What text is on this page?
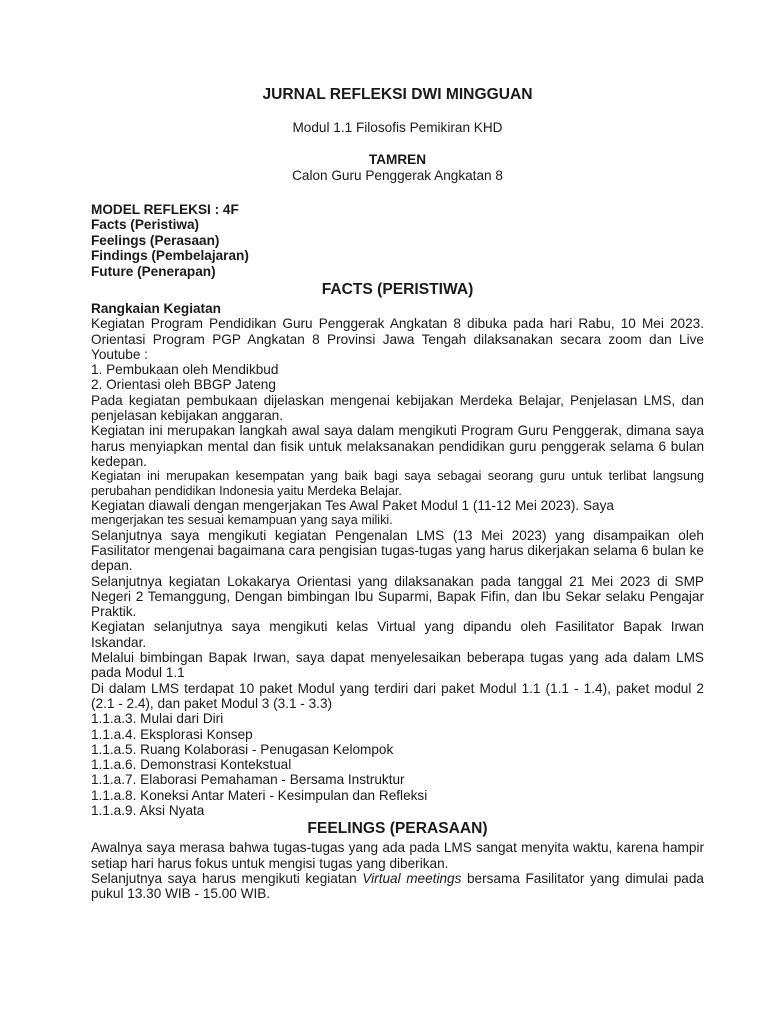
JURNAL REFLEKSI DWI MINGGUAN
Modul 1.1 Filosofis Pemikiran KHD
TAMREN
Calon Guru Penggerak Angkatan 8
MODEL REFLEKSI : 4F
Facts (Peristiwa)
Feelings (Perasaan)
Findings (Pembelajaran)
Future (Penerapan)
FACTS (PERISTIWA)
Rangkaian Kegiatan

Kegiatan Program Pendidikan Guru Penggerak Angkatan 8 dibuka pada hari Rabu, 10 Mei 2023. Orientasi Program PGP Angkatan 8 Provinsi Jawa Tengah dilaksanakan secara zoom dan Live Youtube :

1. Pembukaan oleh Mendikbud
2. Orientasi oleh BBGP Jateng

Pada kegiatan pembukaan dijelaskan mengenai kebijakan Merdeka Belajar, Penjelasan LMS, dan penjelasan kebijakan anggaran.

Kegiatan ini merupakan langkah awal saya dalam mengikuti Program Guru Penggerak, dimana saya harus menyiapkan mental dan fisik untuk melaksanakan pendidikan guru penggerak selama 6 bulan kedepan.

Kegiatan ini merupakan kesempatan yang baik bagi saya sebagai seorang guru untuk terlibat langsung perubahan pendidikan Indonesia yaitu Merdeka Belajar.

Kegiatan diawali dengan mengerjakan Tes Awal Paket Modul 1 (11-12 Mei 2023). Saya

mengerjakan tes sesuai kemampuan yang saya miliki.

Selanjutnya saya mengikuti kegiatan Pengenalan LMS (13 Mei 2023) yang disampaikan oleh Fasilitator mengenai bagaimana cara pengisian tugas-tugas yang harus dikerjakan selama 6 bulan ke depan.

Selanjutnya kegiatan Lokakarya Orientasi yang dilaksanakan pada tanggal 21 Mei 2023 di SMP Negeri 2 Temanggung, Dengan bimbingan Ibu Suparmi, Bapak Fifin, dan Ibu Sekar selaku Pengajar Praktik.

Kegiatan selanjutnya saya mengikuti kelas Virtual yang dipandu oleh Fasilitator Bapak Irwan Iskandar.

Melalui bimbingan Bapak Irwan, saya dapat menyelesaikan beberapa tugas yang ada dalam LMS pada Modul 1.1

Di dalam LMS terdapat 10 paket Modul yang terdiri dari paket Modul 1.1 (1.1 - 1.4), paket modul 2 (2.1 - 2.4), dan paket Modul 3 (3.1 - 3.3)

1.1.a.3. Mulai dari Diri
1.1.a.4. Eksplorasi Konsep
1.1.a.5. Ruang Kolaborasi - Penugasan Kelompok
1.1.a.6. Demonstrasi Kontekstual
1.1.a.7. Elaborasi Pemahaman - Bersama Instruktur
1.1.a.8. Koneksi Antar Materi - Kesimpulan dan Refleksi
1.1.a.9. Aksi Nyata
FEELINGS (PERASAAN)

Awalnya saya merasa bahwa tugas-tugas yang ada pada LMS sangat menyita waktu, karena hampir setiap hari harus fokus untuk mengisi tugas yang diberikan.

Selanjutnya saya harus mengikuti kegiatan Virtual meetings bersama Fasilitator yang dimulai pada pukul 13.30 WIB - 15.00 WIB.
